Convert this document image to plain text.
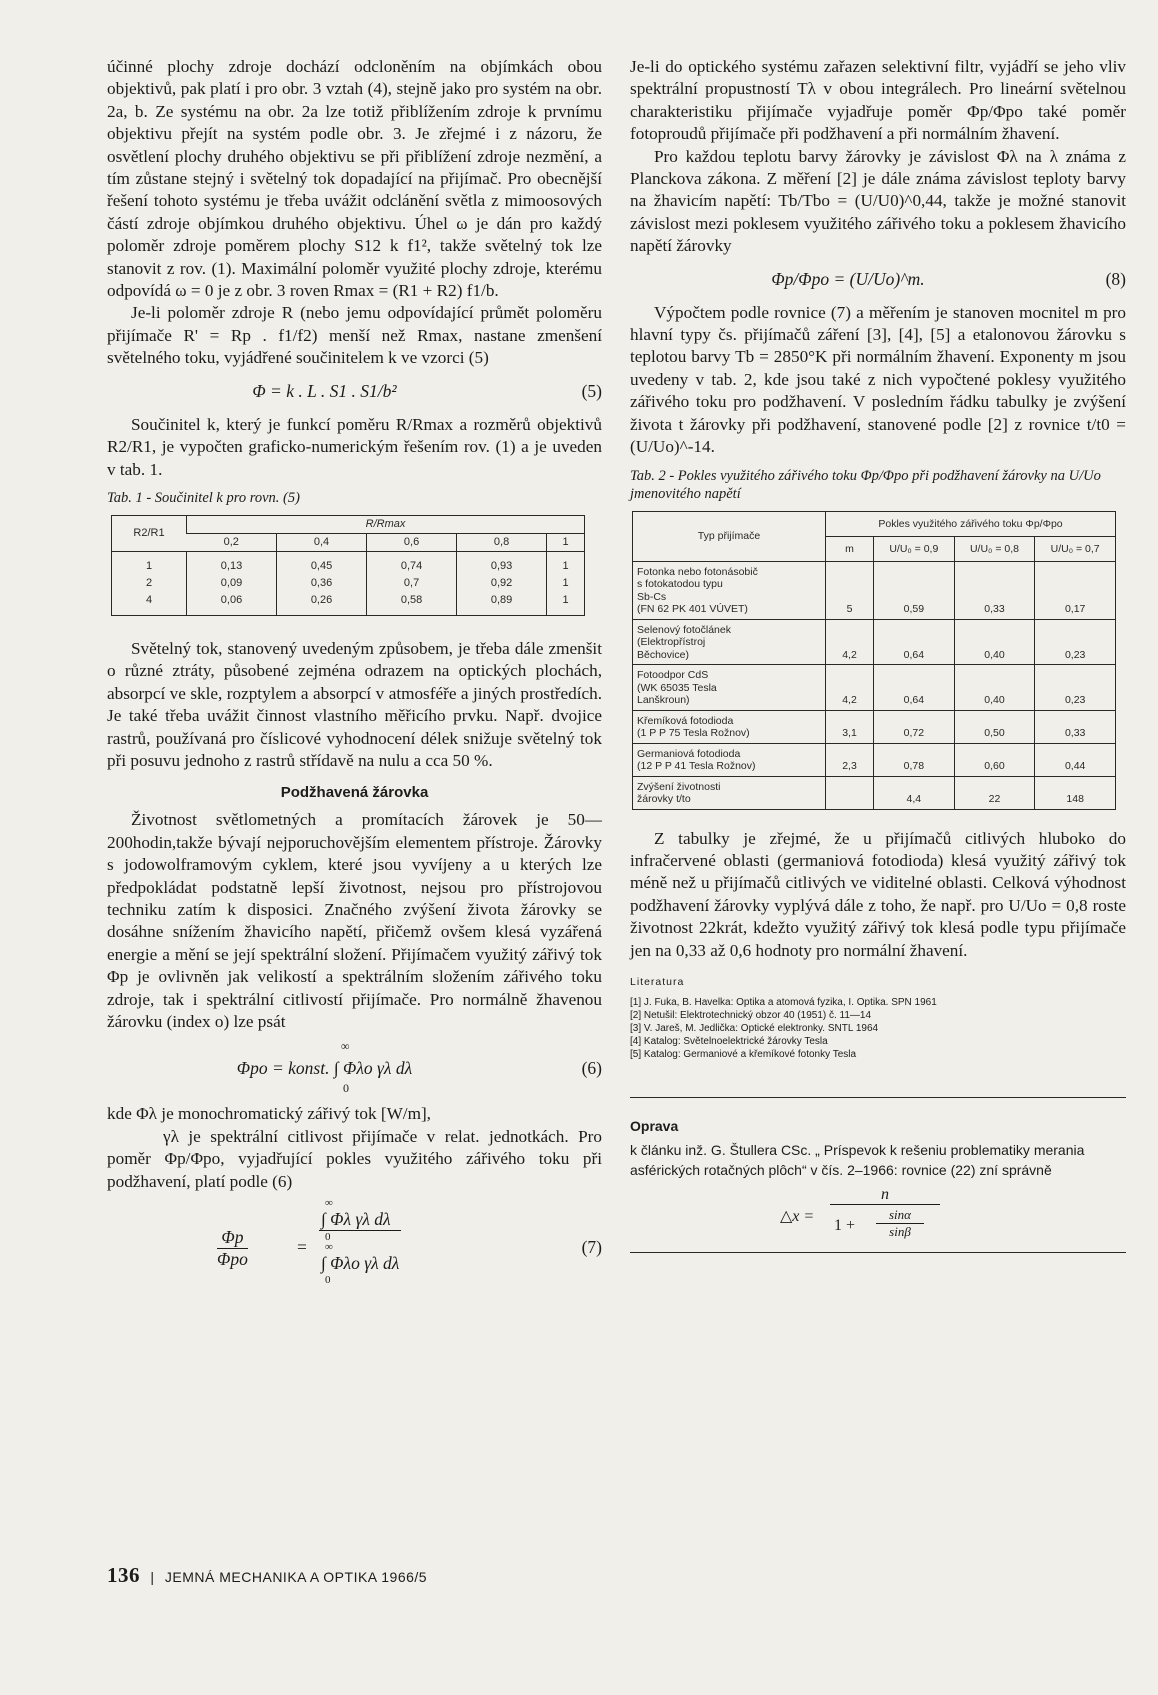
účinné plochy zdroje dochází odcloněním na objímkách obou objektivů, pak platí i pro obr. 3 vztah (4), stejně jako pro systém na obr. 2a, b. Ze systému na obr. 2a lze totiž přiblížením zdroje k prvnímu objektivu přejít na systém podle obr. 3. Je zřejmé i z názoru, že osvětlení plochy druhého objektivu se při přiblížení zdroje nezmění, a tím zůstane stejný i světelný tok dopadající na přijímač. Pro obecnější řešení tohoto systému je třeba uvážit odclánění světla z mimoosových částí zdroje objímkou druhého objektivu. Úhel ω je dán pro každý poloměr zdroje poměrem plochy S12 k f1², takže světelný tok lze stanovit z rov. (1). Maximální poloměr využité plochy zdroje, kterému odpovídá ω = 0 je z obr. 3 roven Rmax = (R1 + R2) f1/b.

Je-li poloměr zdroje R (nebo jemu odpovídající průmět poloměru přijímače R' = Rp . f1/f2) menší než Rmax, nastane zmenšení světelného toku, vyjádřené součinitelem k ve vzorci (5)

Φ = k . L . S1 . S1/b²	(5)

Součinitel k, který je funkcí poměru R/Rmax a rozměrů objektivů R2/R1, je vypočten graficko-numerickým řešením rov. (1) a je uveden v tab. 1.

Tab. 1 - Součinitel k pro rovn. (5)
R2/R1	R/Rmax				
	0,2	0,4	0,6	0,8	1
1	0,13	0,45	0,74	0,93	1
2	0,09	0,36	0,7	0,92	1
4	0,06	0,26	0,58	0,89	1

Světelný tok, stanovený uvedeným způsobem, je třeba dále zmenšit o různé ztráty, působené zejména odrazem na optických plochách, absorpcí ve skle, rozptylem a absorpcí v atmosféře a jiných prostředích. Je také třeba uvážit činnost vlastního měřicího prvku. Např. dvojice rastrů, používaná pro číslicové vyhodnocení délek snižuje světelný tok při posuvu jednoho z rastrů střídavě na nulu a cca 50 %.

Podžhavená žárovka

Životnost světlometných a promítacích žárovek je 50—200hodin,takže bývají nejporuchovějším elementem přístroje. Žárovky s jodowolframovým cyklem, které jsou vyvíjeny a u kterých lze předpokládat podstatně lepší životnost, nejsou pro přístrojovou techniku zatím k disposici. Značného zvýšení života žárovky se dosáhne snížením žhavicího napětí, přičemž ovšem klesá vyzářená energie a mění se její spektrální složení. Přijímačem využitý zářivý tok Φp je ovlivněn jak velikostí a spektrálním složením zářivého toku zdroje, tak i spektrální citlivostí přijímače. Pro normálně žhavenou žárovku (index o) lze psát

∞
Φpo = konst. ∫ Φλo γλ dλ
0
(6)

kde Φλ je monochromatický zářivý tok [W/m],

γλ je spektrální citlivost přijímače v relat. jednotkách. Pro poměr Φp/Φpo, vyjadřující pokles využitého zářivého toku při podžhavení, platí podle (6)

Φp
Φpo
=
∞
∫ Φλ γλ dλ
0
∞
∫ Φλo γλ dλ
0
(7)

Je-li do optického systému zařazen selektivní filtr, vyjádří se jeho vliv spektrální propustností Tλ v obou integrálech. Pro lineární světelnou charakteristiku přijímače vyjadřuje poměr Φp/Φpo také poměr fotoproudů přijímače při podžhavení a při normálním žhavení.

Pro každou teplotu barvy žárovky je závislost Φλ na λ známa z Planckova zákona. Z měření [2] je dále známa závislost teploty barvy na žhavicím napětí: Tb/Tbo = (U/U0)^0,44, takže je možné stanovit závislost mezi poklesem využitého zářivého toku a poklesem žhavicího napětí žárovky

Φp/Φpo = (U/Uo)^m.	(8)

Výpočtem podle rovnice (7) a měřením je stanoven mocnitel m pro hlavní typy čs. přijímačů záření [3], [4], [5] a etalonovou žárovku s teplotou barvy Tb = 2850°K při normálním žhavení. Exponenty m jsou uvedeny v tab. 2, kde jsou také z nich vypočtené poklesy využitého zářivého toku pro podžhavení. V posledním řádku tabulky je zvýšení života t žárovky při podžhavení, stanovené podle [2] z rovnice t/t0 = (U/Uo)^-14.

Tab. 2 - Pokles využitého zářivého toku Φp/Φpo při podžhavení žárovky na U/Uo jmenovitého napětí
Typ přijímače	Pokles využitého zářivého toku Φp/Φpo			
	m	U/U₀ = 0,9	U/U₀ = 0,8	U/U₀ = 0,7

Fotonka nebo fotonásobič
s fotokatodou typu
Sb-Cs
(FN 62 PK 401 VÚVET)	5	0,59	0,33	0,17

Selenový fotočlánek
(Elektropřístroj
Běchovice)	4,2	0,64	0,40	0,23

Fotoodpor CdS
(WK 65035 Tesla
Lanškroun)	4,2	0,64	0,40	0,23

Křemíková fotodioda
(1 P P 75 Tesla Rožnov)	3,1	0,72	0,50	0,33

Germaniová fotodioda
(12 P P 41 Tesla Rožnov)	2,3	0,78	0,60	0,44

Zvýšení životnosti
žárovky t/to		4,4	22	148

Z tabulky je zřejmé, že u přijímačů citlivých hluboko do infračervené oblasti (germaniová fotodioda) klesá využitý zářivý tok méně než u přijímačů citlivých ve viditelné oblasti. Celková výhodnost podžhavení žárovky vyplývá dále z toho, že např. pro U/Uo = 0,8 roste životnost 22krát, kdežto využitý zářivý tok klesá podle typu přijímače jen na 0,33 až 0,6 hodnoty pro normální žhavení.

Literatura
[1] J. Fuka, B. Havelka: Optika a atomová fyzika, I. Optika. SPN 1961
[2] Netušil: Elektrotechnický obzor 40 (1951) č. 11—14
[3] V. Jareš, M. Jedlička: Optické elektronky. SNTL 1964
[4] Katalog: Světelnoelektrické žárovky Tesla
[5] Katalog: Germaniové a křemíkové fotonky Tesla
Oprava
k článku inž. G. Štullera CSc. „ Príspevok k rešeniu problematiky merania asférických rotačných plôch“ v čís. 2–1966: rovnice (22) zní správně
△x =
n
$1 + \frac{\sin\alpha}{\sin\beta}$
136 | JEMNÁ MECHANIKA A OPTIKA 1966/5
